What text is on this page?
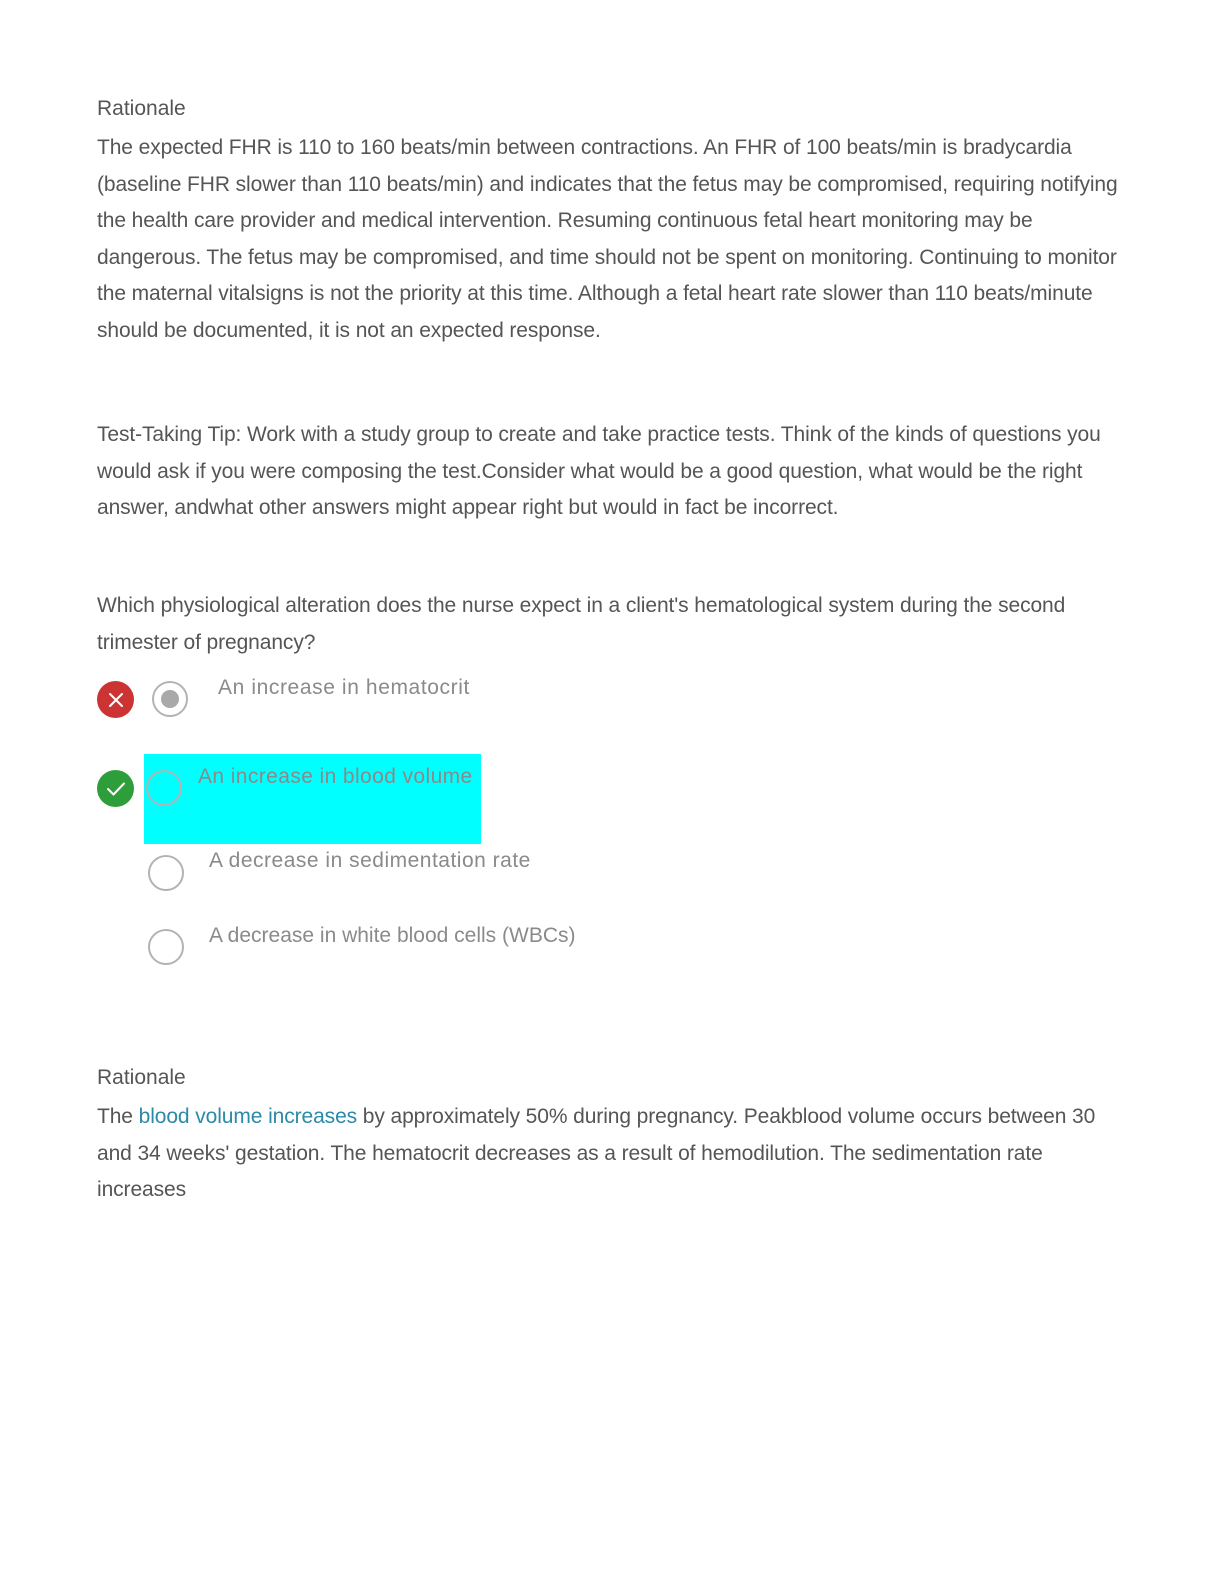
Rationale

The expected FHR is 110 to 160 beats/min between contractions. An FHR of 100 beats/min is bradycardia (baseline FHR slower than 110 beats/min) and indicates that the fetus may be compromised, requiring notifying the health care provider and medical intervention. Resuming continuous fetal heart monitoring may be dangerous. The fetus may be compromised, and time should not be spent on monitoring. Continuing to monitor the maternal vitalsigns is not the priority at this time. Although a fetal heart rate slower than 110 beats/minute should be documented, it is not an expected response.

Test-Taking Tip: Work with a study group to create and take practice tests. Think of the kinds of questions you would ask if you were composing the test.Consider what would be a good question, what would be the right answer, andwhat other answers might appear right but would in fact be incorrect.

Which physiological alteration does the nurse expect in a client's hematological system during the second trimester of pregnancy?

An increase in hematocrit
An increase in blood volume
A decrease in sedimentation rate
A decrease in white blood cells (WBCs)
Rationale

The blood volume increases by approximately 50% during pregnancy. Peakblood volume occurs between 30 and 34 weeks' gestation. The hematocrit decreases as a result of hemodilution. The sedimentation rate increases
